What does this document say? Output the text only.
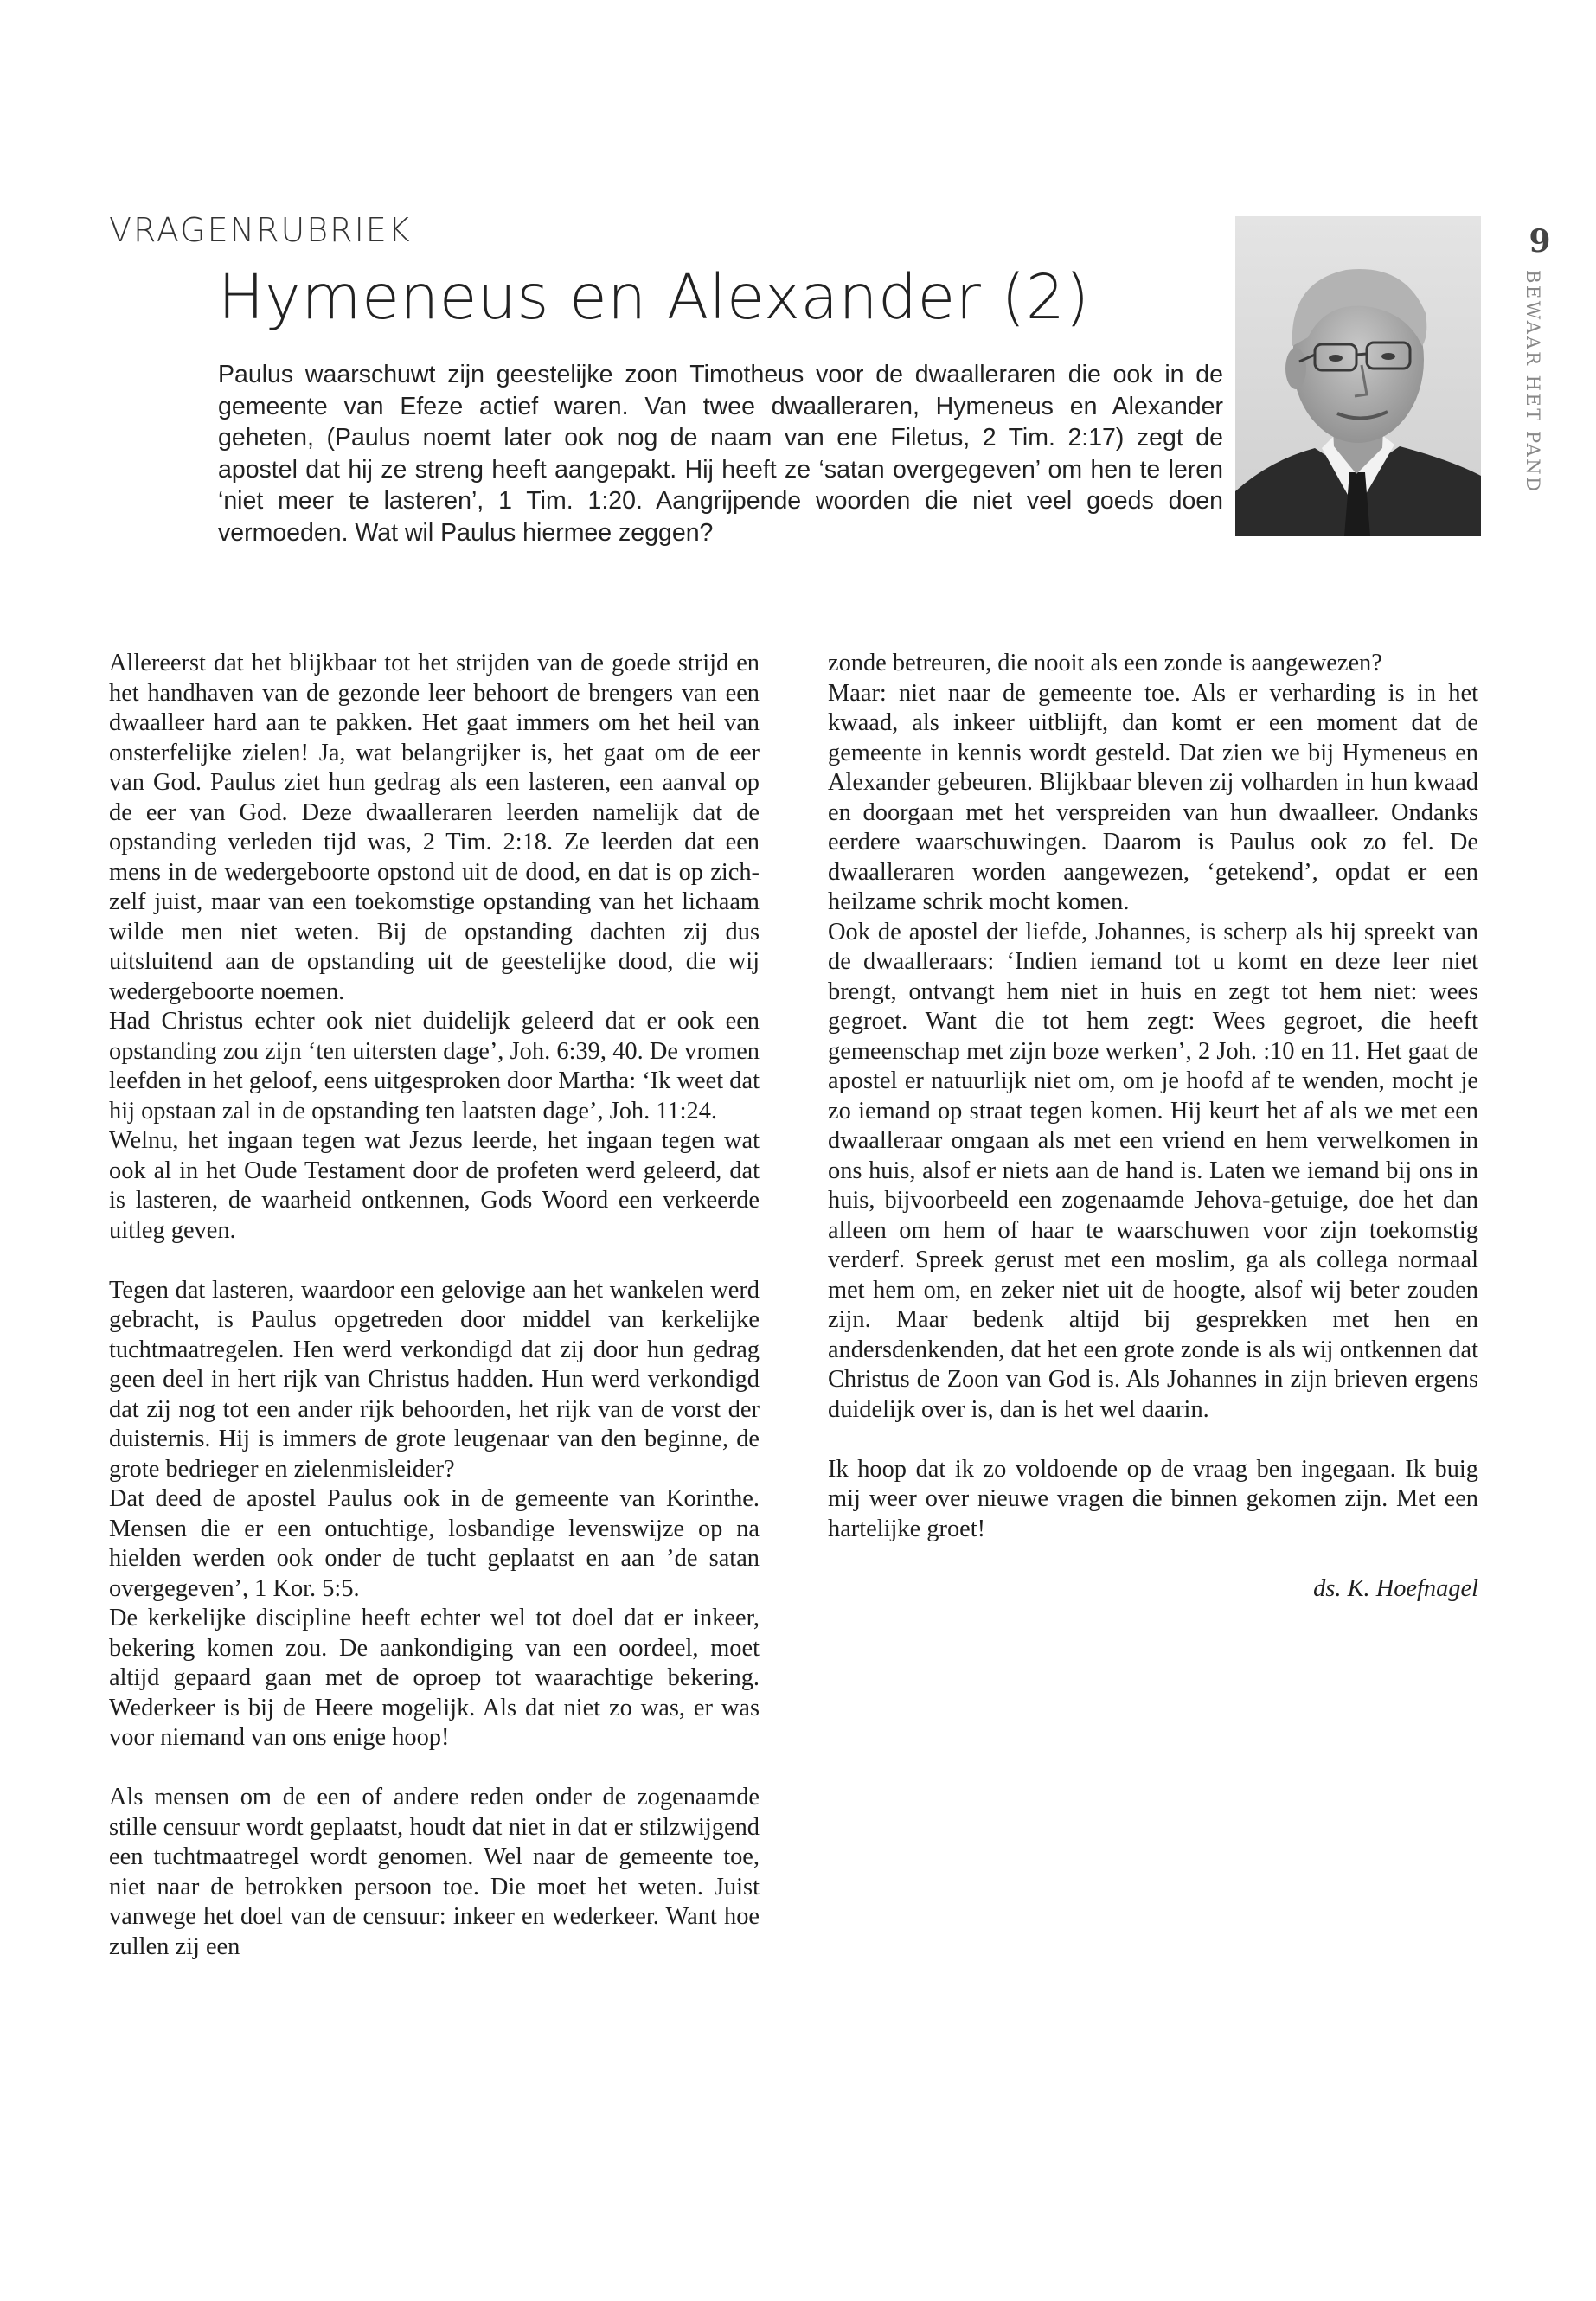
VRAGENRUBRIEK
Hymeneus en Alexander (2)

Paulus waarschuwt zijn geestelijke zoon Timotheus voor de dwaalleraren die ook in de gemeente van Efeze actief waren. Van twee dwaalleraren, Hymeneus en Alexander geheten, (Paulus noemt later ook nog de naam van ene Filetus, 2 Tim. 2:17) zegt de apostel dat hij ze streng heeft aangepakt. Hij heeft ze ‘satan overgegeven’ om hen te leren ‘niet meer te lasteren’, 1 Tim. 1:20. Aangrijpende woorden die niet veel goeds doen vermoeden. Wat wil Paulus hiermee zeggen?

9
BEWAAR HET PAND

Allereerst dat het blijkbaar tot het strijden van de goede strijd en het handhaven van de gezonde leer behoort de brengers van een dwaalleer hard aan te pakken. Het gaat immers om het heil van onsterfelijke zielen! Ja, wat belangrijker is, het gaat om de eer van God. Paulus ziet hun gedrag als een lasteren, een aanval op de eer van God. Deze dwaalleraren leerden namelijk dat de opstanding verleden tijd was, 2 Tim. 2:18. Ze leerden dat een mens in de wedergeboorte opstond uit de dood, en dat is op zichzelf juist, maar van een toekomstige opstanding van het lichaam wilde men niet weten. Bij de opstanding dachten zij dus uitsluitend aan de opstanding uit de geestelijke dood, die wij wedergeboorte noemen.

Had Christus echter ook niet duidelijk geleerd dat er ook een opstanding zou zijn ‘ten uitersten dage’, Joh. 6:39, 40. De vromen leefden in het geloof, eens uitgesproken door Martha: ‘Ik weet dat hij opstaan zal in de opstanding ten laatsten dage’, Joh. 11:24.

Welnu, het ingaan tegen wat Jezus leerde, het ingaan tegen wat ook al in het Oude Testament door de profeten werd geleerd, dat is lasteren, de waarheid ontkennen, Gods Woord een verkeerde uitleg geven.

Tegen dat lasteren, waardoor een gelovige aan het wankelen werd gebracht, is Paulus opgetreden door middel van kerkelijke tuchtmaatregelen. Hen werd verkondigd dat zij door hun gedrag geen deel in hert rijk van Christus hadden. Hun werd verkondigd dat zij nog tot een ander rijk behoorden, het rijk van de vorst der duisternis. Hij is immers de grote leugenaar van den beginne, de grote bedrieger en zielenmisleider?

Dat deed de apostel Paulus ook in de gemeente van Korinthe. Mensen die er een ontuchtige, losbandige levenswijze op na hielden werden ook onder de tucht geplaatst en aan ’de satan overgegeven’, 1 Kor. 5:5.

De kerkelijke discipline heeft echter wel tot doel dat er inkeer, bekering komen zou. De aankondiging van een oordeel, moet altijd gepaard gaan met de oproep tot waarachtige bekering. Wederkeer is bij de Heere mogelijk. Als dat niet zo was, er was voor niemand van ons enige hoop!

Als mensen om de een of andere reden onder de zogenaamde stille censuur wordt geplaatst, houdt dat niet in dat er stilzwijgend een tuchtmaatregel wordt genomen. Wel naar de gemeente toe, niet naar de betrokken persoon toe. Die moet het weten. Juist vanwege het doel van de censuur: inkeer en wederkeer. Want hoe zullen zij een

zonde betreuren, die nooit als een zonde is aangewezen?

Maar: niet naar de gemeente toe. Als er verharding is in het kwaad, als inkeer uitblijft, dan komt er een moment dat de gemeente in kennis wordt gesteld. Dat zien we bij Hymeneus en Alexander gebeuren. Blijkbaar bleven zij volharden in hun kwaad en doorgaan met het verspreiden van hun dwaalleer. Ondanks eerdere waarschuwingen. Daarom is Paulus ook zo fel. De dwaalleraren worden aangewezen, ‘getekend’, opdat er een heilzame schrik mocht komen.

Ook de apostel der liefde, Johannes, is scherp als hij spreekt van de dwaalleraars: ‘Indien iemand tot u komt en deze leer niet brengt, ontvangt hem niet in huis en zegt tot hem niet: wees gegroet. Want die tot hem zegt: Wees gegroet, die heeft gemeenschap met zijn boze werken’, 2 Joh. :10 en 11. Het gaat de apostel er natuurlijk niet om, om je hoofd af te wenden, mocht je zo iemand op straat tegen komen. Hij keurt het af als we met een dwaalleraar omgaan als met een vriend en hem verwelkomen in ons huis, alsof er niets aan de hand is. Laten we iemand bij ons in huis, bijvoorbeeld een zogenaamde Jehova-getuige, doe het dan alleen om hem of haar te waarschuwen voor zijn toekomstig verderf. Spreek gerust met een moslim, ga als collega normaal met hem om, en zeker niet uit de hoogte, alsof wij beter zouden zijn. Maar bedenk altijd bij gesprekken met hen en andersdenkenden, dat het een grote zonde is als wij ontkennen dat Christus de Zoon van God is. Als Johannes in zijn brieven ergens duidelijk over is, dan is het wel daarin.

Ik hoop dat ik zo voldoende op de vraag ben ingegaan. Ik buig mij weer over nieuwe vragen die binnen gekomen zijn. Met een hartelijke groet!

ds. K. Hoefnagel
